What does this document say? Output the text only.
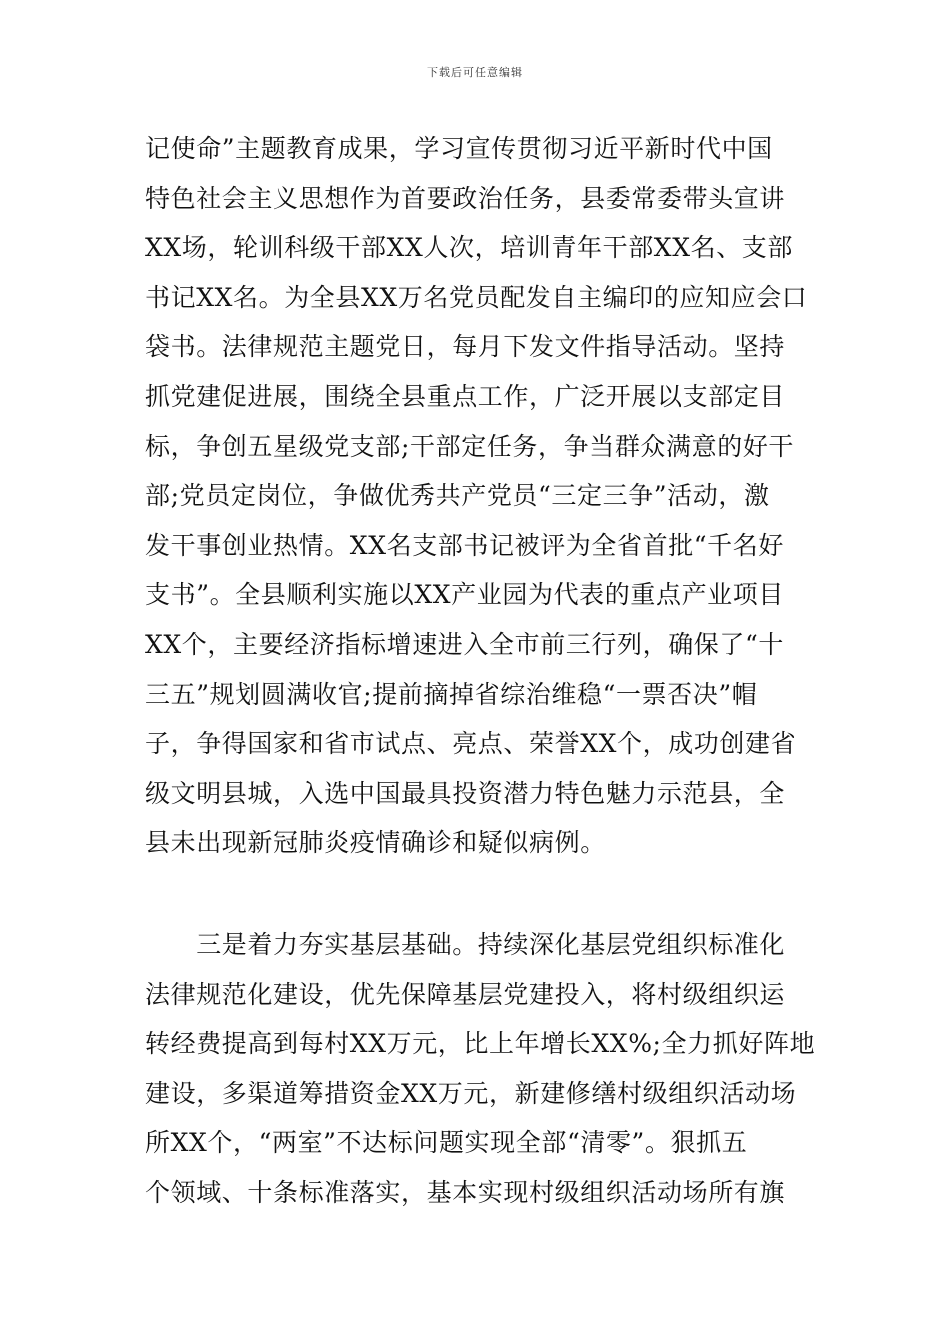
下载后可任意编辑
记使命”主题教育成果，学习宣传贯彻习近平新时代中国
特色社会主义思想作为首要政治任务，县委常委带头宣讲
XX场，轮训科级干部XX人次，培训青年干部XX名、支部
书记XX名。为全县XX万名党员配发自主编印的应知应会口
袋书。法律规范主题党日，每月下发文件指导活动。坚持
抓党建促进展，围绕全县重点工作，广泛开展以支部定目
标，争创五星级党支部;干部定任务，争当群众满意的好干
部;党员定岗位，争做优秀共产党员“三定三争”活动，激
发干事创业热情。XX名支部书记被评为全省首批“千名好
支书”。全县顺利实施以XX产业园为代表的重点产业项目
XX个，主要经济指标增速进入全市前三行列，确保了“十
三五”规划圆满收官;提前摘掉省综治维稳“一票否决”帽
子，争得国家和省市试点、亮点、荣誉XX个，成功创建省
级文明县城，入选中国最具投资潜力特色魅力示范县，全
县未出现新冠肺炎疫情确诊和疑似病例。
　　三是着力夯实基层基础。持续深化基层党组织标准化
法律规范化建设，优先保障基层党建投入，将村级组织运
转经费提高到每村XX万元，比上年增长XX%;全力抓好阵地
建设，多渠道筹措资金XX万元，新建修缮村级组织活动场
所XX个，“两室”不达标问题实现全部“清零”。狠抓五
个领域、十条标准落实，基本实现村级组织活动场所有旗
